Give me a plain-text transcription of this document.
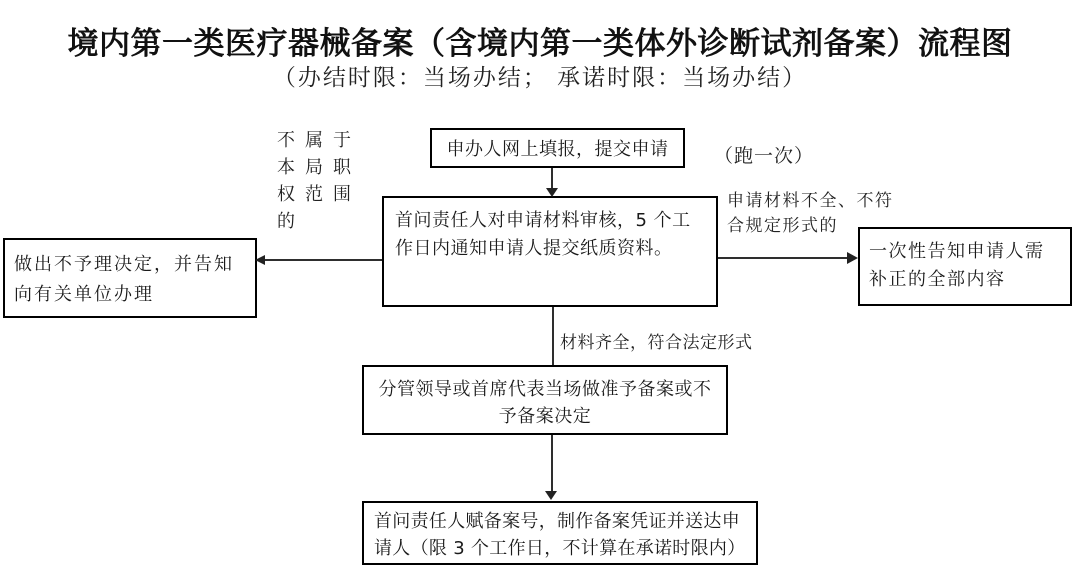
境内第一类医疗器械备案（含境内第一类体外诊断试剂备案）流程图
（办结时限：当场办结； 承诺时限：当场办结）
不属于
本局职
权范围
的
申办人网上填报，提交申请
首问责任人对申请材料审核，5 个工作日内通知申请人提交纸质资料。
做出不予理决定，并告知向有关单位办理
一次性告知申请人需补正的全部内容
分管领导或首席代表当场做准予备案或不予备案决定
首问责任人赋备案号，制作备案凭证并送达申请人（限 3 个工作日，不计算在承诺时限内）
（跑一次）
申请材料不全、不符
合规定形式的
材料齐全，符合法定形式
